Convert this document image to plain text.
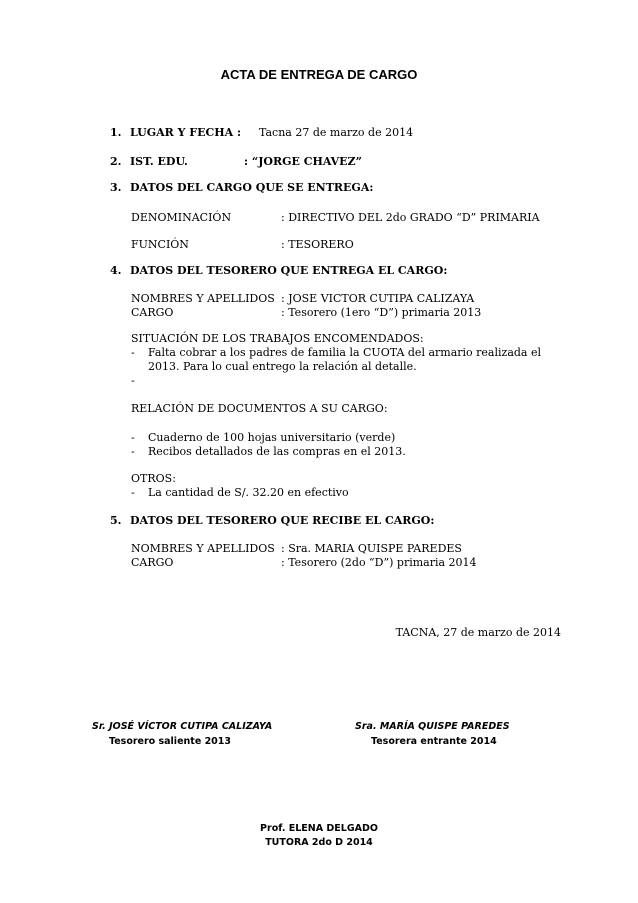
ACTA DE ENTREGA DE CARGO
1. LUGAR Y FECHA : Tacna 27 de marzo de 2014
2. IST. EDU.	: “JORGE CHAVEZ”
3. DATOS DEL CARGO QUE SE ENTREGA:
DENOMINACIÓN	: DIRECTIVO DEL 2do GRADO “D” PRIMARIA
FUNCIÓN	: TESORERO
4. DATOS DEL TESORERO QUE ENTREGA EL CARGO:
NOMBRES Y APELLIDOS : JOSE VICTOR CUTIPA CALIZAYA
CARGO	: Tesorero (1ero “D”) primaria 2013
SITUACIÓN DE LOS TRABAJOS ENCOMENDADOS:
- Falta cobrar a los padres de familia la CUOTA del armario realizada el
2013. Para lo cual entrego la relación al detalle.
-
RELACIÓN DE DOCUMENTOS A SU CARGO:
- Cuaderno de 100 hojas universitario (verde)
- Recibos detallados de las compras en el 2013.
OTROS:
- La cantidad de S/. 32.20 en efectivo
5. DATOS DEL TESORERO QUE RECIBE EL CARGO:
NOMBRES Y APELLIDOS : Sra. MARIA QUISPE PAREDES
CARGO	: Tesorero (2do “D”) primaria 2014
TACNA, 27 de marzo de 2014
Sr. JOSÉ VÍCTOR CUTIPA CALIZAYA
Tesorero saliente 2013
Sra. MARÍA QUISPE PAREDES
Tesorera entrante 2014
Prof. ELENA DELGADO
TUTORA 2do D 2014
